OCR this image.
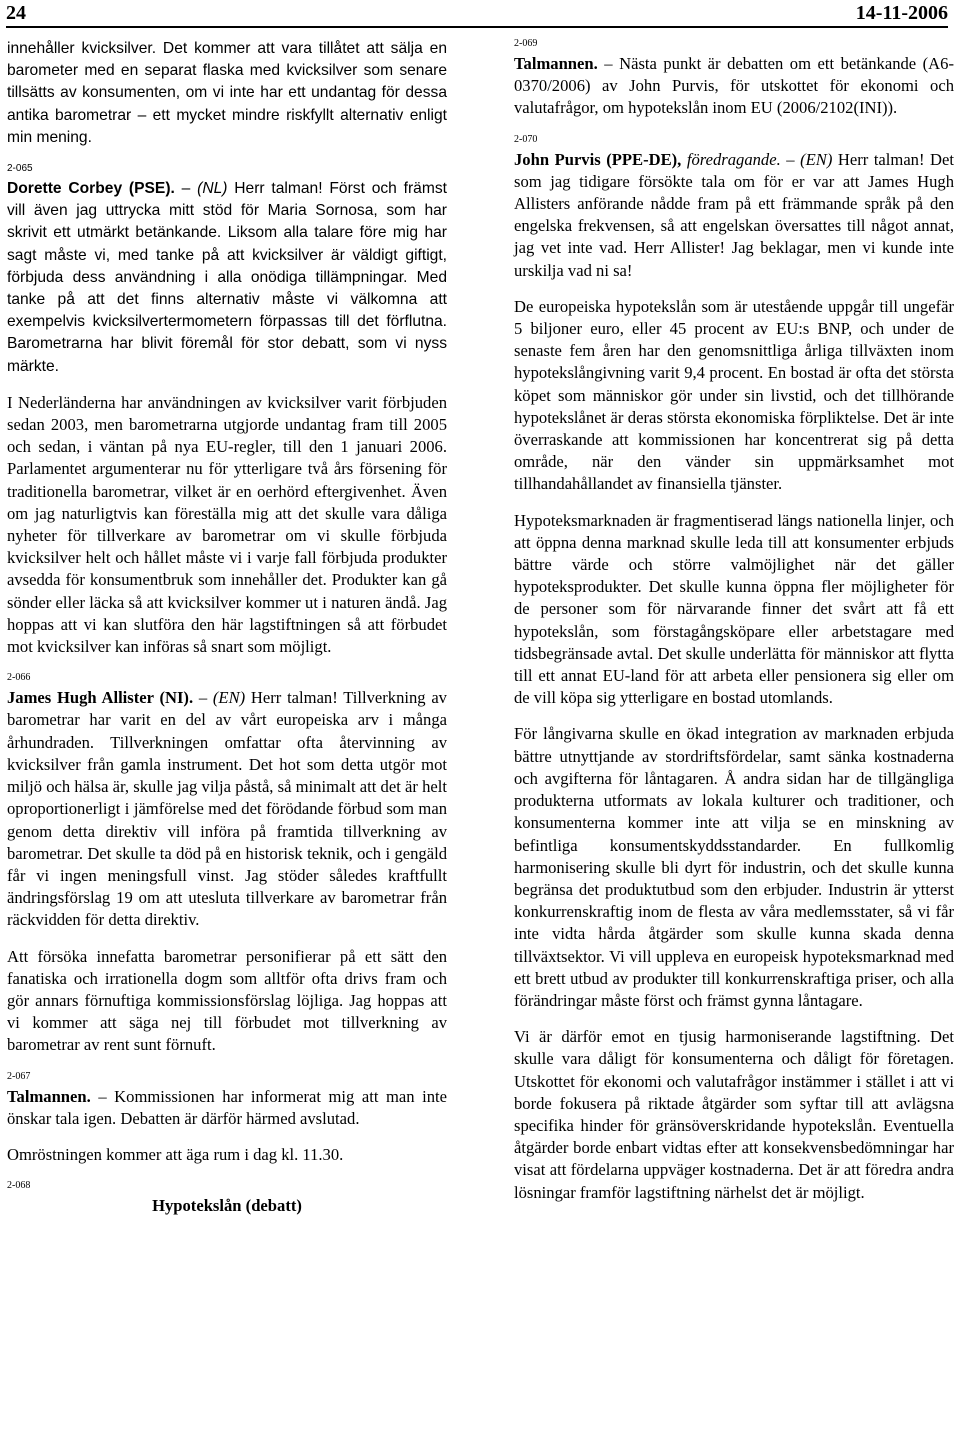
24	14-11-2006

innehåller kvicksilver. Det kommer att vara tillåtet att sälja en barometer med en separat flaska med kvicksilver som senare tillsätts av konsumenten, om vi inte har ett undantag för dessa antika barometrar – ett mycket mindre riskfyllt alternativ enligt min mening.

2-065

Dorette Corbey (PSE). – (NL) Herr talman! Först och främst vill även jag uttrycka mitt stöd för Maria Sornosa, som har skrivit ett utmärkt betänkande. Liksom alla talare före mig har sagt måste vi, med tanke på att kvicksilver är väldigt giftigt, förbjuda dess användning i alla onödiga tillämpningar. Med tanke på att det finns alternativ måste vi välkomna att exempelvis kvicksilvertermometern förpassas till det förflutna. Barometrarna har blivit föremål för stor debatt, som vi nyss märkte.

I Nederländerna har användningen av kvicksilver varit förbjuden sedan 2003, men barometrarna utgjorde undantag fram till 2005 och sedan, i väntan på nya EU-regler, till den 1 januari 2006. Parlamentet argumenterar nu för ytterligare två års försening för traditionella barometrar, vilket är en oerhörd eftergivenhet. Även om jag naturligtvis kan föreställa mig att det skulle vara dåliga nyheter för tillverkare av barometrar om vi skulle förbjuda kvicksilver helt och hållet måste vi i varje fall förbjuda produkter avsedda för konsumentbruk som innehåller det. Produkter kan gå sönder eller läcka så att kvicksilver kommer ut i naturen ändå. Jag hoppas att vi kan slutföra den här lagstiftningen så att förbudet mot kvicksilver kan införas så snart som möjligt.

2-066

James Hugh Allister (NI). – (EN) Herr talman! Tillverkning av barometrar har varit en del av vårt europeiska arv i många århundraden. Tillverkningen omfattar ofta återvinning av kvicksilver från gamla instrument. Det hot som detta utgör mot miljö och hälsa är, skulle jag vilja påstå, så minimalt att det är helt oproportionerligt i jämförelse med det förödande förbud som man genom detta direktiv vill införa på framtida tillverkning av barometrar. Det skulle ta död på en historisk teknik, och i gengäld får vi ingen meningsfull vinst. Jag stöder således kraftfullt ändringsförslag 19 om att utesluta tillverkare av barometrar från räckvidden för detta direktiv.

Att försöka innefatta barometrar personifierar på ett sätt den fanatiska och irrationella dogm som alltför ofta drivs fram och gör annars förnuftiga kommissionsförslag löjliga. Jag hoppas att vi kommer att säga nej till förbudet mot tillverkning av barometrar av rent sunt förnuft.

2-067

Talmannen. – Kommissionen har informerat mig att man inte önskar tala igen. Debatten är därför härmed avslutad.

Omröstningen kommer att äga rum i dag kl. 11.30.

2-068

Hypotekslån (debatt)

2-069

Talmannen. – Nästa punkt är debatten om ett betänkande (A6-0370/2006) av John Purvis, för utskottet för ekonomi och valutafrågor, om hypotekslån inom EU (2006/2102(INI)).

2-070

John Purvis (PPE-DE), föredragande. – (EN) Herr talman! Det som jag tidigare försökte tala om för er var att James Hugh Allisters anförande nådde fram på ett främmande språk på den engelska frekvensen, så att engelskan översattes till något annat, jag vet inte vad. Herr Allister! Jag beklagar, men vi kunde inte urskilja vad ni sa!

De europeiska hypotekslån som är utestående uppgår till ungefär 5 biljoner euro, eller 45 procent av EU:s BNP, och under de senaste fem åren har den genomsnittliga årliga tillväxten inom hypotekslångivning varit 9,4 procent. En bostad är ofta det största köpet som människor gör under sin livstid, och det tillhörande hypotekslånet är deras största ekonomiska förpliktelse. Det är inte överraskande att kommissionen har koncentrerat sig på detta område, när den vänder sin uppmärksamhet mot tillhandahållandet av finansiella tjänster.

Hypoteksmarknaden är fragmentiserad längs nationella linjer, och att öppna denna marknad skulle leda till att konsumenter erbjuds bättre värde och större valmöjlighet när det gäller hypoteksprodukter. Det skulle kunna öppna fler möjligheter för de personer som för närvarande finner det svårt att få ett hypotekslån, som förstagångsköpare eller arbetstagare med tidsbegränsade avtal. Det skulle underlätta för människor att flytta till ett annat EU-land för att arbeta eller pensionera sig eller om de vill köpa sig ytterligare en bostad utomlands.

För långivarna skulle en ökad integration av marknaden erbjuda bättre utnyttjande av stordriftsfördelar, samt sänka kostnaderna och avgifterna för låntagaren. Å andra sidan har de tillgängliga produkterna utformats av lokala kulturer och traditioner, och konsumenterna kommer inte att vilja se en minskning av befintliga konsumentskyddsstandarder. En fullkomlig harmonisering skulle bli dyrt för industrin, och det skulle kunna begränsa det produktutbud som den erbjuder. Industrin är ytterst konkurrenskraftig inom de flesta av våra medlemsstater, så vi får inte vidta hårda åtgärder som skulle kunna skada denna tillväxtsektor. Vi vill uppleva en europeisk hypoteksmarknad med ett brett utbud av produkter till konkurrenskraftiga priser, och alla förändringar måste först och främst gynna låntagare.

Vi är därför emot en tjusig harmoniserande lagstiftning. Det skulle vara dåligt för konsumenterna och dåligt för företagen. Utskottet för ekonomi och valutafrågor instämmer i stället i att vi borde fokusera på riktade åtgärder som syftar till att avlägsna specifika hinder för gränsöverskridande hypotekslån. Eventuella åtgärder borde enbart vidtas efter att konsekvensbedömningar har visat att fördelarna uppväger kostnaderna. Det är att föredra andra lösningar framför lagstiftning närhelst det är möjligt.
